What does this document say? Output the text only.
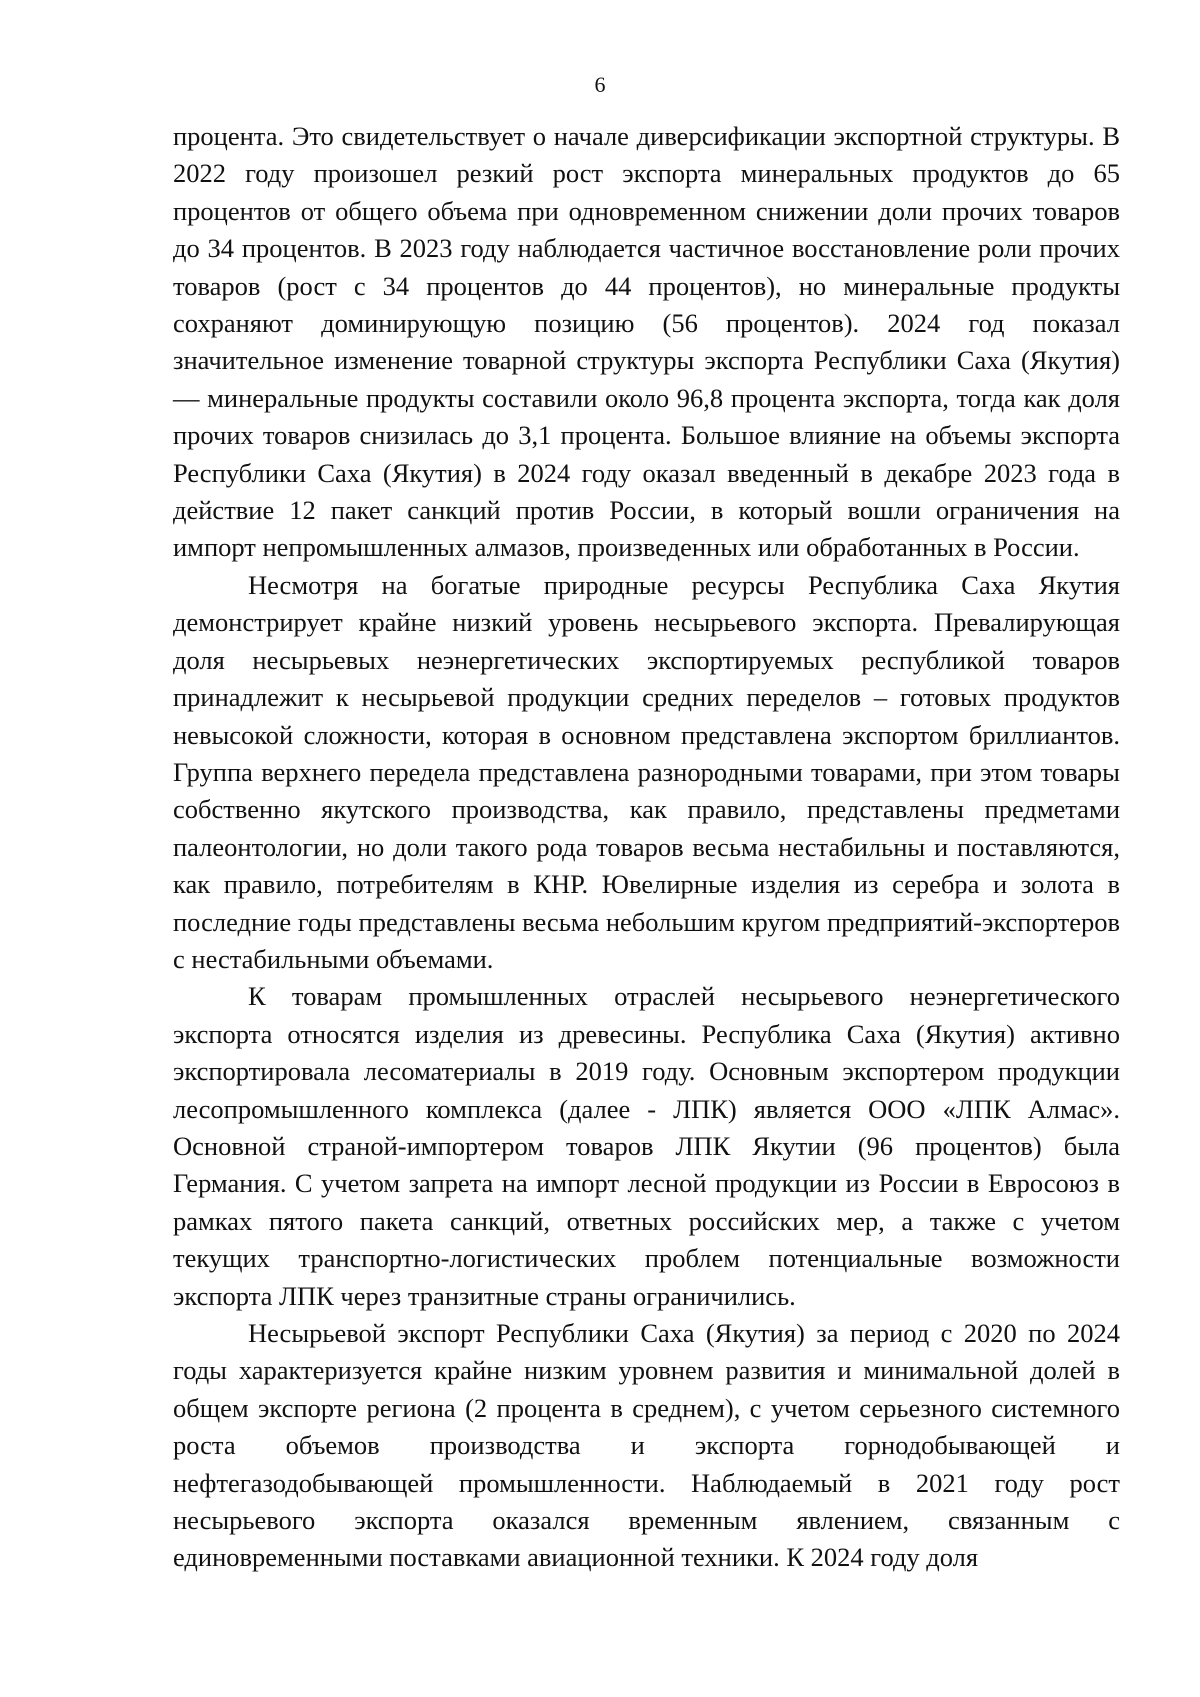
6

процента. Это свидетельствует о начале диверсификации экспортной структуры. В 2022 году произошел резкий рост экспорта минеральных продуктов до 65 процентов от общего объема при одновременном снижении доли прочих товаров до 34 процентов. В 2023 году наблюдается частичное восстановление роли прочих товаров (рост с 34 процентов до 44 процентов), но минеральные продукты сохраняют доминирующую позицию (56 процентов). 2024 год показал значительное изменение товарной структуры экспорта Республики Саха (Якутия) — минеральные продукты составили около 96,8 процента экспорта, тогда как доля прочих товаров снизилась до 3,1 процента. Большое влияние на объемы экспорта Республики Саха (Якутия) в 2024 году оказал введенный в декабре 2023 года в действие 12 пакет санкций против России, в который вошли ограничения на импорт непромышленных алмазов, произведенных или обработанных в России.

Несмотря на богатые природные ресурсы Республика Саха Якутия демонстрирует крайне низкий уровень несырьевого экспорта. Превалирующая доля несырьевых неэнергетических экспортируемых республикой товаров принадлежит к несырьевой продукции средних переделов – готовых продуктов невысокой сложности, которая в основном представлена экспортом бриллиантов. Группа верхнего передела представлена разнородными товарами, при этом товары собственно якутского производства, как правило, представлены предметами палеонтологии, но доли такого рода товаров весьма нестабильны и поставляются, как правило, потребителям в КНР. Ювелирные изделия из серебра и золота в последние годы представлены весьма небольшим кругом предприятий-экспортеров с нестабильными объемами.

К товарам промышленных отраслей несырьевого неэнергетического экспорта относятся изделия из древесины. Республика Саха (Якутия) активно экспортировала лесоматериалы в 2019 году. Основным экспортером продукции лесопромышленного комплекса (далее - ЛПК) является ООО «ЛПК Алмас». Основной страной-импортером товаров ЛПК Якутии (96 процентов) была Германия. С учетом запрета на импорт лесной продукции из России в Евросоюз в рамках пятого пакета санкций, ответных российских мер, а также с учетом текущих транспортно-логистических проблем потенциальные возможности экспорта ЛПК через транзитные страны ограничились.

Несырьевой экспорт Республики Саха (Якутия) за период с 2020 по 2024 годы характеризуется крайне низким уровнем развития и минимальной долей в общем экспорте региона (2 процента в среднем), с учетом серьезного системного роста объемов производства и экспорта горнодобывающей и нефтегазодобывающей промышленности. Наблюдаемый в 2021 году рост несырьевого экспорта оказался временным явлением, связанным с единовременными поставками авиационной техники. К 2024 году доля
